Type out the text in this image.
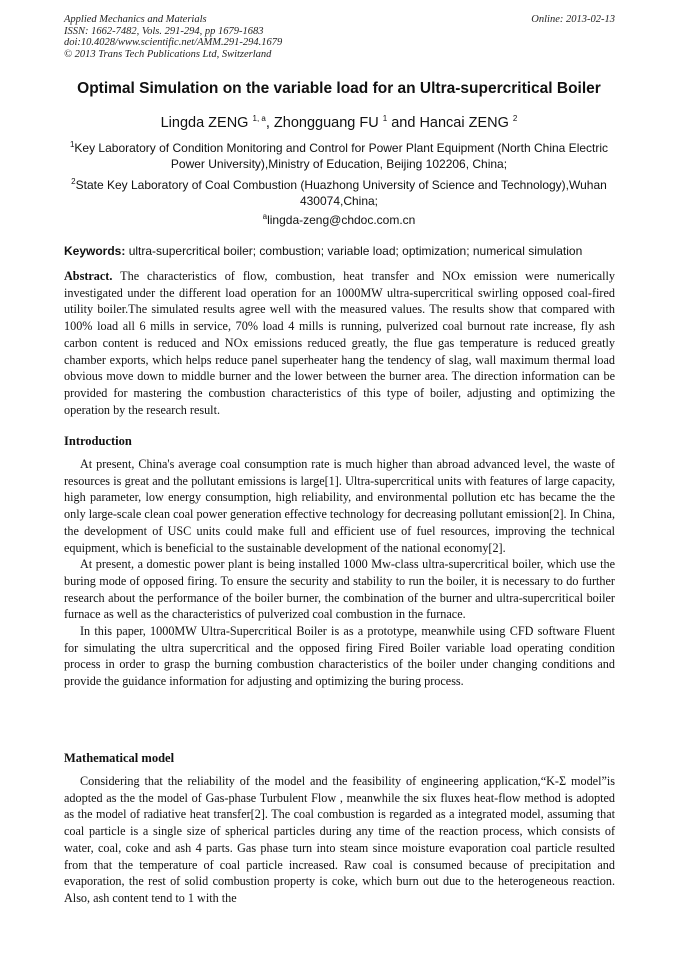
Applied Mechanics and Materials
ISSN: 1662-7482, Vols. 291-294, pp 1679-1683
doi:10.4028/www.scientific.net/AMM.291-294.1679
© 2013 Trans Tech Publications Ltd, Switzerland
Online: 2013-02-13
Optimal Simulation on the variable load for an Ultra-supercritical Boiler
Lingda ZENG $^{1, a}$, Zhongguang FU $^1$ and Hancai ZENG $^2$
$^1$Key Laboratory of Condition Monitoring and Control for Power Plant Equipment (North China Electric Power University),Ministry of Education, Beijing 102206, China;
$^2$State Key Laboratory of Coal Combustion (Huazhong University of Science and Technology),Wuhan 430074,China;
$^a$lingda-zeng@chdoc.com.cn
Keywords: ultra-supercritical boiler; combustion; variable load; optimization; numerical simulation

Abstract. The characteristics of flow, combustion, heat transfer and NOx emission were numerically investigated under the different load operation for an 1000MW ultra-supercritical swirling opposed coal-fired utility boiler.The simulated results agree well with the measured values. The results show that compared with 100% load all 6 mills in service, 70% load 4 mills is running, pulverized coal burnout rate increase, fly ash carbon content is reduced and NOx emissions reduced greatly, the flue gas temperature is reduced greatly chamber exports, which helps reduce panel superheater hang the tendency of slag, wall maximum thermal load obvious move down to middle burner and the lower between the burner area. The direction information can be provided for mastering the combustion characteristics of this type of boiler, adjusting and optimizing the operation by the research result.

Introduction

At present, China's average coal consumption rate is much higher than abroad advanced level, the waste of resources is great and the pollutant emissions is large[1]. Ultra-supercritical units with features of large capacity, high parameter, low energy consumption, high reliability, and environmental pollution etc has became the the only large-scale clean coal power generation effective technology for decreasing pollutant emission[2]. In China, the development of USC units could make full and efficient use of fuel resources, improving the technical equipment, which is beneficial to the sustainable development of the national economy[2].

At present, a domestic power plant is being installed 1000 Mw-class ultra-supercritical boiler, which use the buring mode of opposed firing. To ensure the security and stability to run the boiler, it is necessary to do further research about the performance of the boiler burner, the combination of the burner and ultra-supercritical boiler furnace as well as the characteristics of pulverized coal combustion in the furnace.

In this paper, 1000MW Ultra-Supercritical Boiler is as a prototype, meanwhile using CFD software Fluent for simulating the ultra supercritical and the opposed firing Fired Boiler variable load operating condition process in order to grasp the burning combustion characteristics of the boiler under changing conditions and provide the guidance information for adjusting and optimizing the buring process.

Mathematical model

Considering that the reliability of the model and the feasibility of engineering application,“K-Σ model”is adopted as the the model of Gas-phase Turbulent Flow , meanwhile the six fluxes heat-flow method is adopted as the model of radiative heat transfer[2]. The coal combustion is regarded as a integrated model, assuming that coal particle is a single size of spherical particles during any time of the reaction process, which consists of water, coal, coke and ash 4 parts. Gas phase turn into steam since moisture evaporation coal particle resulted from that the temperature of coal particle increased. Raw coal is consumed because of precipitation and evaporation, the rest of solid combustion property is coke, which burn out due to the heterogeneous reaction. Also, ash content tend to 1 with the
